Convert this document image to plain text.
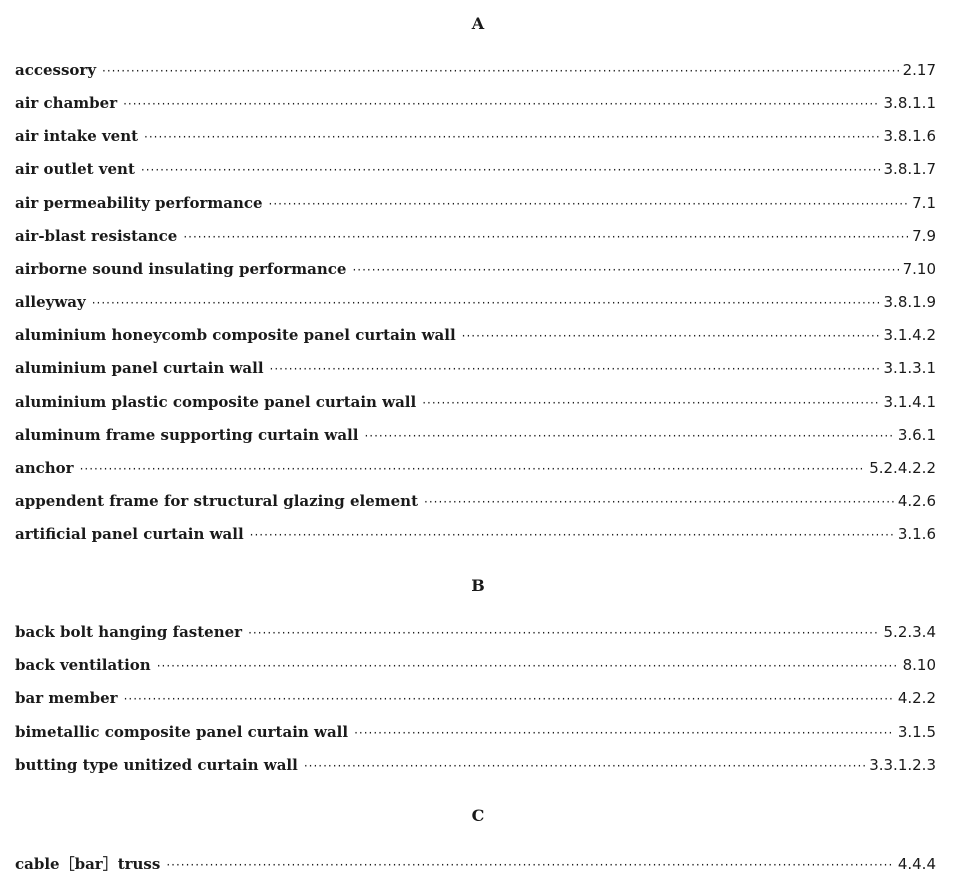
A
accessory ·····	2.17
air chamber ·····	3.8.1.1
air intake vent ·····	3.8.1.6
air outlet vent ·····	3.8.1.7
air permeability performance ·····	7.1
air-blast resistance ·····	7.9
airborne sound insulating performance ·····	7.10
alleyway ·····	3.8.1.9
aluminium honeycomb composite panel curtain wall ·····	3.1.4.2
aluminium panel curtain wall ·····	3.1.3.1
aluminium plastic composite panel curtain wall ·····	3.1.4.1
aluminum frame supporting curtain wall ·····	3.6.1
anchor ·····	5.2.4.2.2
appendent frame for structural glazing element ·····	4.2.6
artificial panel curtain wall ·····	3.1.6
B
back bolt hanging fastener ·····	5.2.3.4
back ventilation ·····	8.10
bar member ·····	4.2.2
bimetallic composite panel curtain wall ·····	3.1.5
butting type unitized curtain wall ·····	3.3.1.2.3
C
cable［bar］truss ·····	4.4.4
